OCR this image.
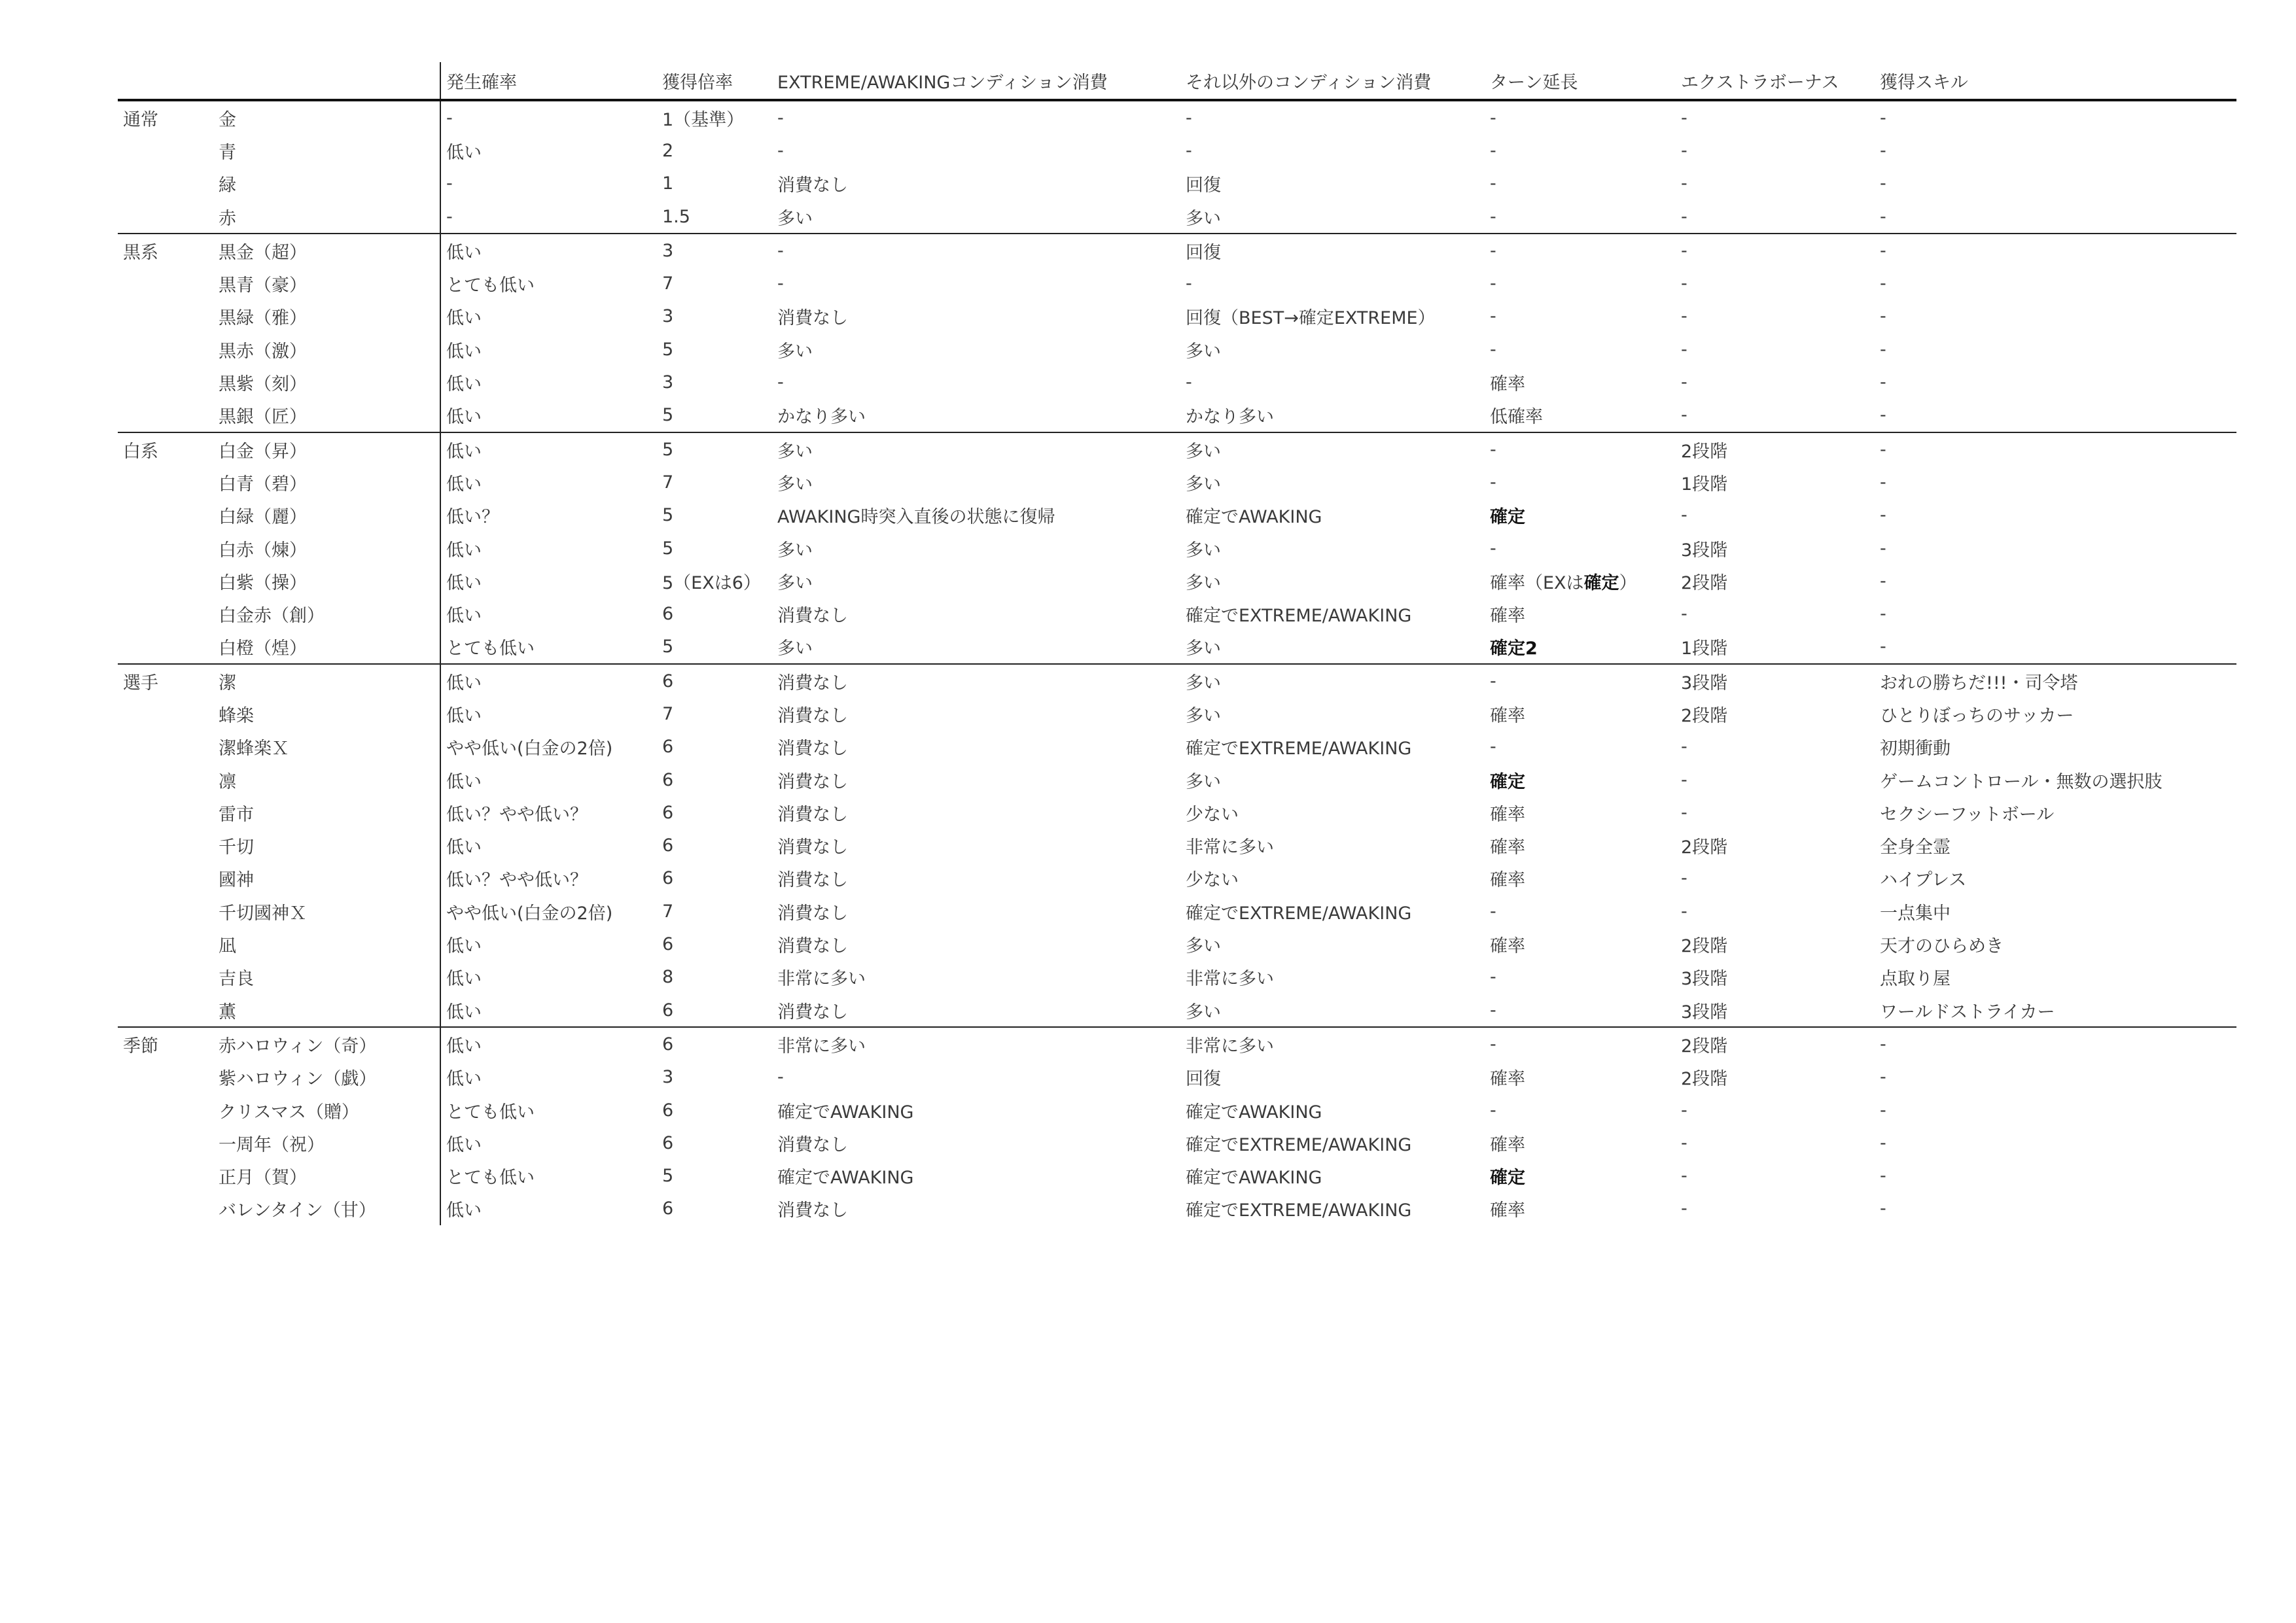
		発生確率	獲得倍率	EXTREME/AWAKINGコンディション消費	それ以外のコンディション消費	ターン延長	エクストラボーナス	獲得スキル
通常	金	-	1（基準）	-	-	-	-	-
	青	低い	2	-	-	-	-	-
	緑	-	1	消費なし	回復	-	-	-
	赤	-	1.5	多い	多い	-	-	-
黒系	黒金（超）	低い	3	-	回復	-	-	-
	黒青（豪）	とても低い	7	-	-	-	-	-
	黒緑（雅）	低い	3	消費なし	回復（BEST→確定EXTREME）	-	-	-
	黒赤（激）	低い	5	多い	多い	-	-	-
	黒紫（刻）	低い	3	-	-	確率	-	-
	黒銀（匠）	低い	5	かなり多い	かなり多い	低確率	-	-
白系	白金（昇）	低い	5	多い	多い	-	2段階	-
	白青（碧）	低い	7	多い	多い	-	1段階	-
	白緑（麗）	低い？	5	AWAKING時突入直後の状態に復帰	確定でAWAKING	確定	-	-
	白赤（煉）	低い	5	多い	多い	-	3段階	-
	白紫（操）	低い	5（EXは6）	多い	多い	確率（EXは確定）	2段階	-
	白金赤（創）	低い	6	消費なし	確定でEXTREME/AWAKING	確率	-	-
	白橙（煌）	とても低い	5	多い	多い	確定2	1段階	-
選手	潔	低い	6	消費なし	多い	-	3段階	おれの勝ちだ!!!・司令塔
	蜂楽	低い	7	消費なし	多い	確率	2段階	ひとりぼっちのサッカー
	潔蜂楽Ｘ	やや低い(白金の2倍)	6	消費なし	確定でEXTREME/AWAKING	-	-	初期衝動
	凛	低い	6	消費なし	多い	確定	-	ゲームコントロール・無数の選択肢
	雷市	低い？やや低い？	6	消費なし	少ない	確率	-	セクシーフットボール
	千切	低い	6	消費なし	非常に多い	確率	2段階	全身全霊
	國神	低い？やや低い？	6	消費なし	少ない	確率	-	ハイプレス
	千切國神Ｘ	やや低い(白金の2倍)	7	消費なし	確定でEXTREME/AWAKING	-	-	一点集中
	凪	低い	6	消費なし	多い	確率	2段階	天才のひらめき
	吉良	低い	8	非常に多い	非常に多い	-	3段階	点取り屋
	薫	低い	6	消費なし	多い	-	3段階	ワールドストライカー
季節	赤ハロウィン（奇）	低い	6	非常に多い	非常に多い	-	2段階	-
	紫ハロウィン（戯）	低い	3	-	回復	確率	2段階	-
	クリスマス（贈）	とても低い	6	確定でAWAKING	確定でAWAKING	-	-	-
	一周年（祝）	低い	6	消費なし	確定でEXTREME/AWAKING	確率	-	-
	正月（賀）	とても低い	5	確定でAWAKING	確定でAWAKING	確定	-	-
	バレンタイン（甘）	低い	6	消費なし	確定でEXTREME/AWAKING	確率	-	-
